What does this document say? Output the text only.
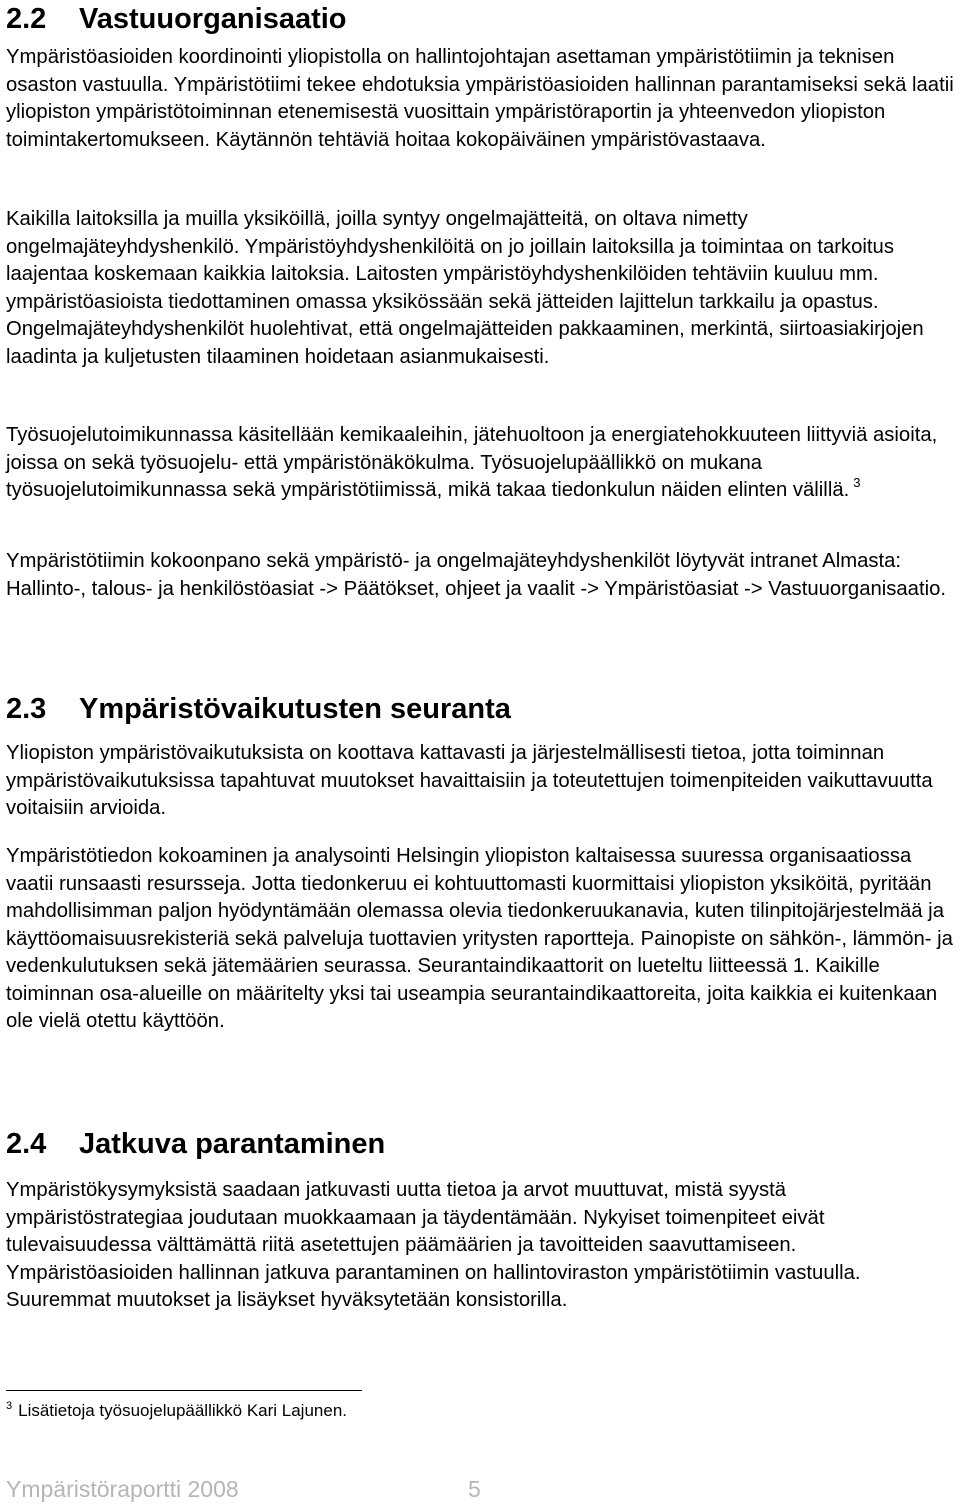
2.2 Vastuuorganisaatio

Ympäristöasioiden koordinointi yliopistolla on hallintojohtajan asettaman ympäristötiimin ja teknisen osaston vastuulla. Ympäristötiimi tekee ehdotuksia ympäristöasioiden hallinnan parantamiseksi sekä laatii yliopiston ympäristötoiminnan etenemisestä vuosittain ympäristöraportin ja yhteenvedon yliopiston toimintakertomukseen. Käytännön tehtäviä hoitaa kokopäiväinen ympäristövastaava.

Kaikilla laitoksilla ja muilla yksiköillä, joilla syntyy ongelmajätteitä, on oltava nimetty ongelmajäteyhdyshenkilö. Ympäristöyhdyshenkilöitä on jo joillain laitoksilla ja toimintaa on tarkoitus laajentaa koskemaan kaikkia laitoksia. Laitosten ympäristöyhdyshenkilöiden tehtäviin kuuluu mm. ympäristöasioista tiedottaminen omassa yksikössään sekä jätteiden lajittelun tarkkailu ja opastus. Ongelmajäteyhdyshenkilöt huolehtivat, että ongelmajätteiden pakkaaminen, merkintä, siirtoasiakirjojen laadinta ja kuljetusten tilaaminen hoidetaan asianmukaisesti.

Työsuojelutoimikunnassa käsitellään kemikaaleihin, jätehuoltoon ja energiatehokkuuteen liittyviä asioita, joissa on sekä työsuojelu- että ympäristönäkökulma. Työsuojelupäällikkö on mukana työsuojelutoimikunnassa sekä ympäristötiimissä, mikä takaa tiedonkulun näiden elinten välillä. $^3$

Ympäristötiimin kokoonpano sekä ympäristö- ja ongelmajäteyhdyshenkilöt löytyvät intranet Almasta: Hallinto-, talous- ja henkilöstöasiat -> Päätökset, ohjeet ja vaalit -> Ympäristöasiat -> Vastuuorganisaatio.

2.3 Ympäristövaikutusten seuranta

Yliopiston ympäristövaikutuksista on koottava kattavasti ja järjestelmällisesti tietoa, jotta toiminnan ympäristövaikutuksissa tapahtuvat muutokset havaittaisiin ja toteutettujen toimenpiteiden vaikuttavuutta voitaisiin arvioida.

Ympäristötiedon kokoaminen ja analysointi Helsingin yliopiston kaltaisessa suuressa organisaatiossa vaatii runsaasti resursseja. Jotta tiedonkeruu ei kohtuuttomasti kuormittaisi yliopiston yksiköitä, pyritään mahdollisimman paljon hyödyntämään olemassa olevia tiedonkeruukanavia, kuten tilinpitojärjestelmää ja käyttöomaisuusrekisteriä sekä palveluja tuottavien yritysten raportteja. Painopiste on sähkön-, lämmön- ja vedenkulutuksen sekä jätemäärien seurassa. Seurantaindikaattorit on lueteltu liitteessä 1. Kaikille toiminnan osa-alueille on määritelty yksi tai useampia seurantaindikaattoreita, joita kaikkia ei kuitenkaan ole vielä otettu käyttöön.

2.4 Jatkuva parantaminen

Ympäristökysymyksistä saadaan jatkuvasti uutta tietoa ja arvot muuttuvat, mistä syystä ympäristöstrategiaa joudutaan muokkaamaan ja täydentämään. Nykyiset toimenpiteet eivät tulevaisuudessa välttämättä riitä asetettujen päämäärien ja tavoitteiden saavuttamiseen. Ympäristöasioiden hallinnan jatkuva parantaminen on hallintoviraston ympäristötiimin vastuulla. Suuremmat muutokset ja lisäykset hyväksytetään konsistorilla.

$^3$ Lisätietoja työsuojelupäällikkö Kari Lajunen.
Ympäristöraportti 2008	5
